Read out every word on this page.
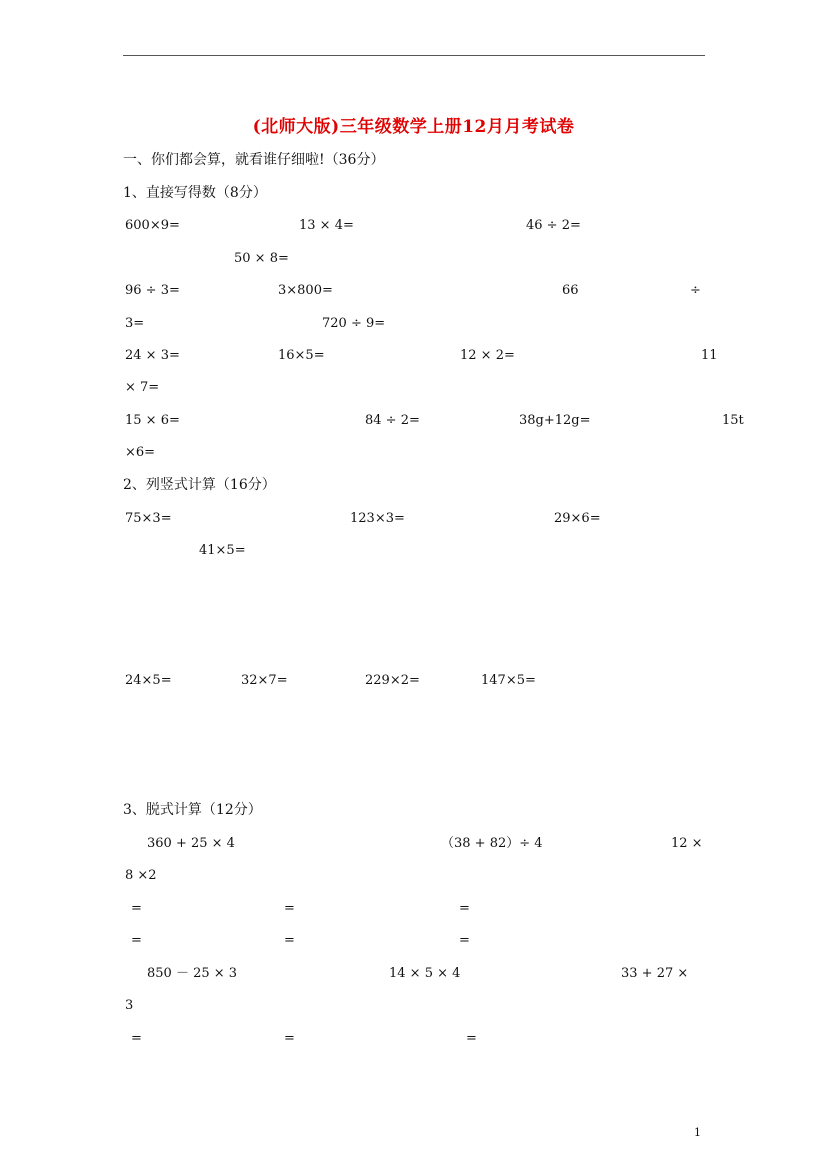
(北师大版)三年级数学上册12月月考试卷
一、你们都会算，就看谁仔细啦!（36分）
1、直接写得数（8分）
600×9=	13 × 4=	46 ÷ 2=
50 × 8=
96 ÷ 3=	3×800=	66	÷
3=	720 ÷ 9=
24 × 3=	16×5=	12 × 2=	11
× 7=
15 × 6=	84 ÷ 2=	38g+12g=	15t
×6=
2、列竖式计算（16分）
75×3=	123×3=	29×6=
41×5=
24×5=	32×7=	229×2=	147×5=
3、脱式计算（12分）
360 + 25 × 4	（38 + 82）÷ 4	12 ×
8 ×2
=	=	=
=	=	=
850 － 25 × 3	14 × 5 × 4	33 + 27 ×
3
=	=	=
1
